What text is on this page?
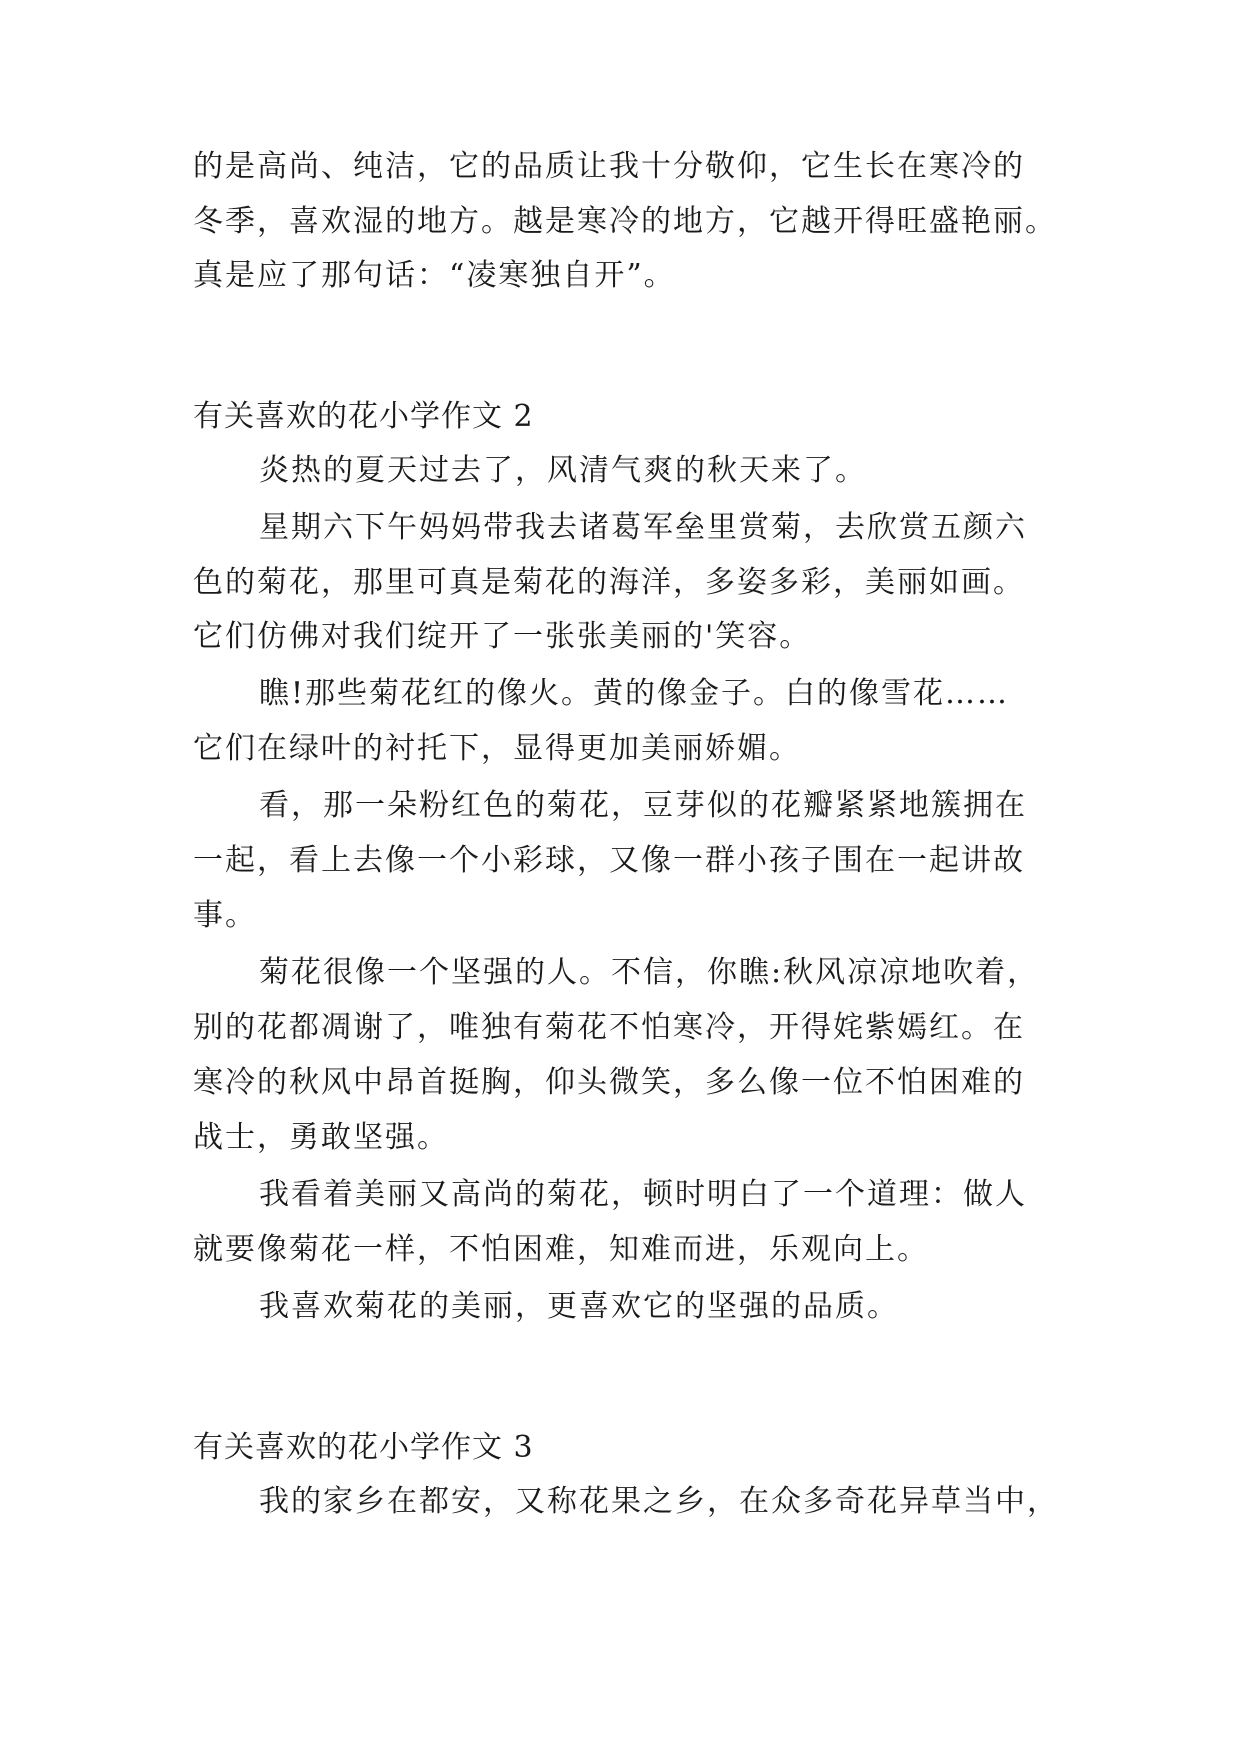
的是高尚、纯洁，它的品质让我十分敬仰，它生长在寒冷的
冬季，喜欢湿的地方。越是寒冷的地方，它越开得旺盛艳丽。
真是应了那句话：“凌寒独自开”。
有关喜欢的花小学作文 2
炎热的夏天过去了，风清气爽的秋天来了。
星期六下午妈妈带我去诸葛军垒里赏菊，去欣赏五颜六
色的菊花，那里可真是菊花的海洋，多姿多彩，美丽如画。
它们仿佛对我们绽开了一张张美丽的'笑容。
瞧!那些菊花红的像火。黄的像金子。白的像雪花……
它们在绿叶的衬托下，显得更加美丽娇媚。
看，那一朵粉红色的菊花，豆芽似的花瓣紧紧地簇拥在
一起，看上去像一个小彩球，又像一群小孩子围在一起讲故
事。
菊花很像一个坚强的人。不信，你瞧:秋风凉凉地吹着，
别的花都凋谢了，唯独有菊花不怕寒冷，开得姹紫嫣红。在
寒冷的秋风中昂首挺胸，仰头微笑，多么像一位不怕困难的
战士，勇敢坚强。
我看着美丽又高尚的菊花，顿时明白了一个道理：做人
就要像菊花一样，不怕困难，知难而进，乐观向上。
我喜欢菊花的美丽，更喜欢它的坚强的品质。
有关喜欢的花小学作文 3
我的家乡在都安，又称花果之乡，在众多奇花异草当中，
